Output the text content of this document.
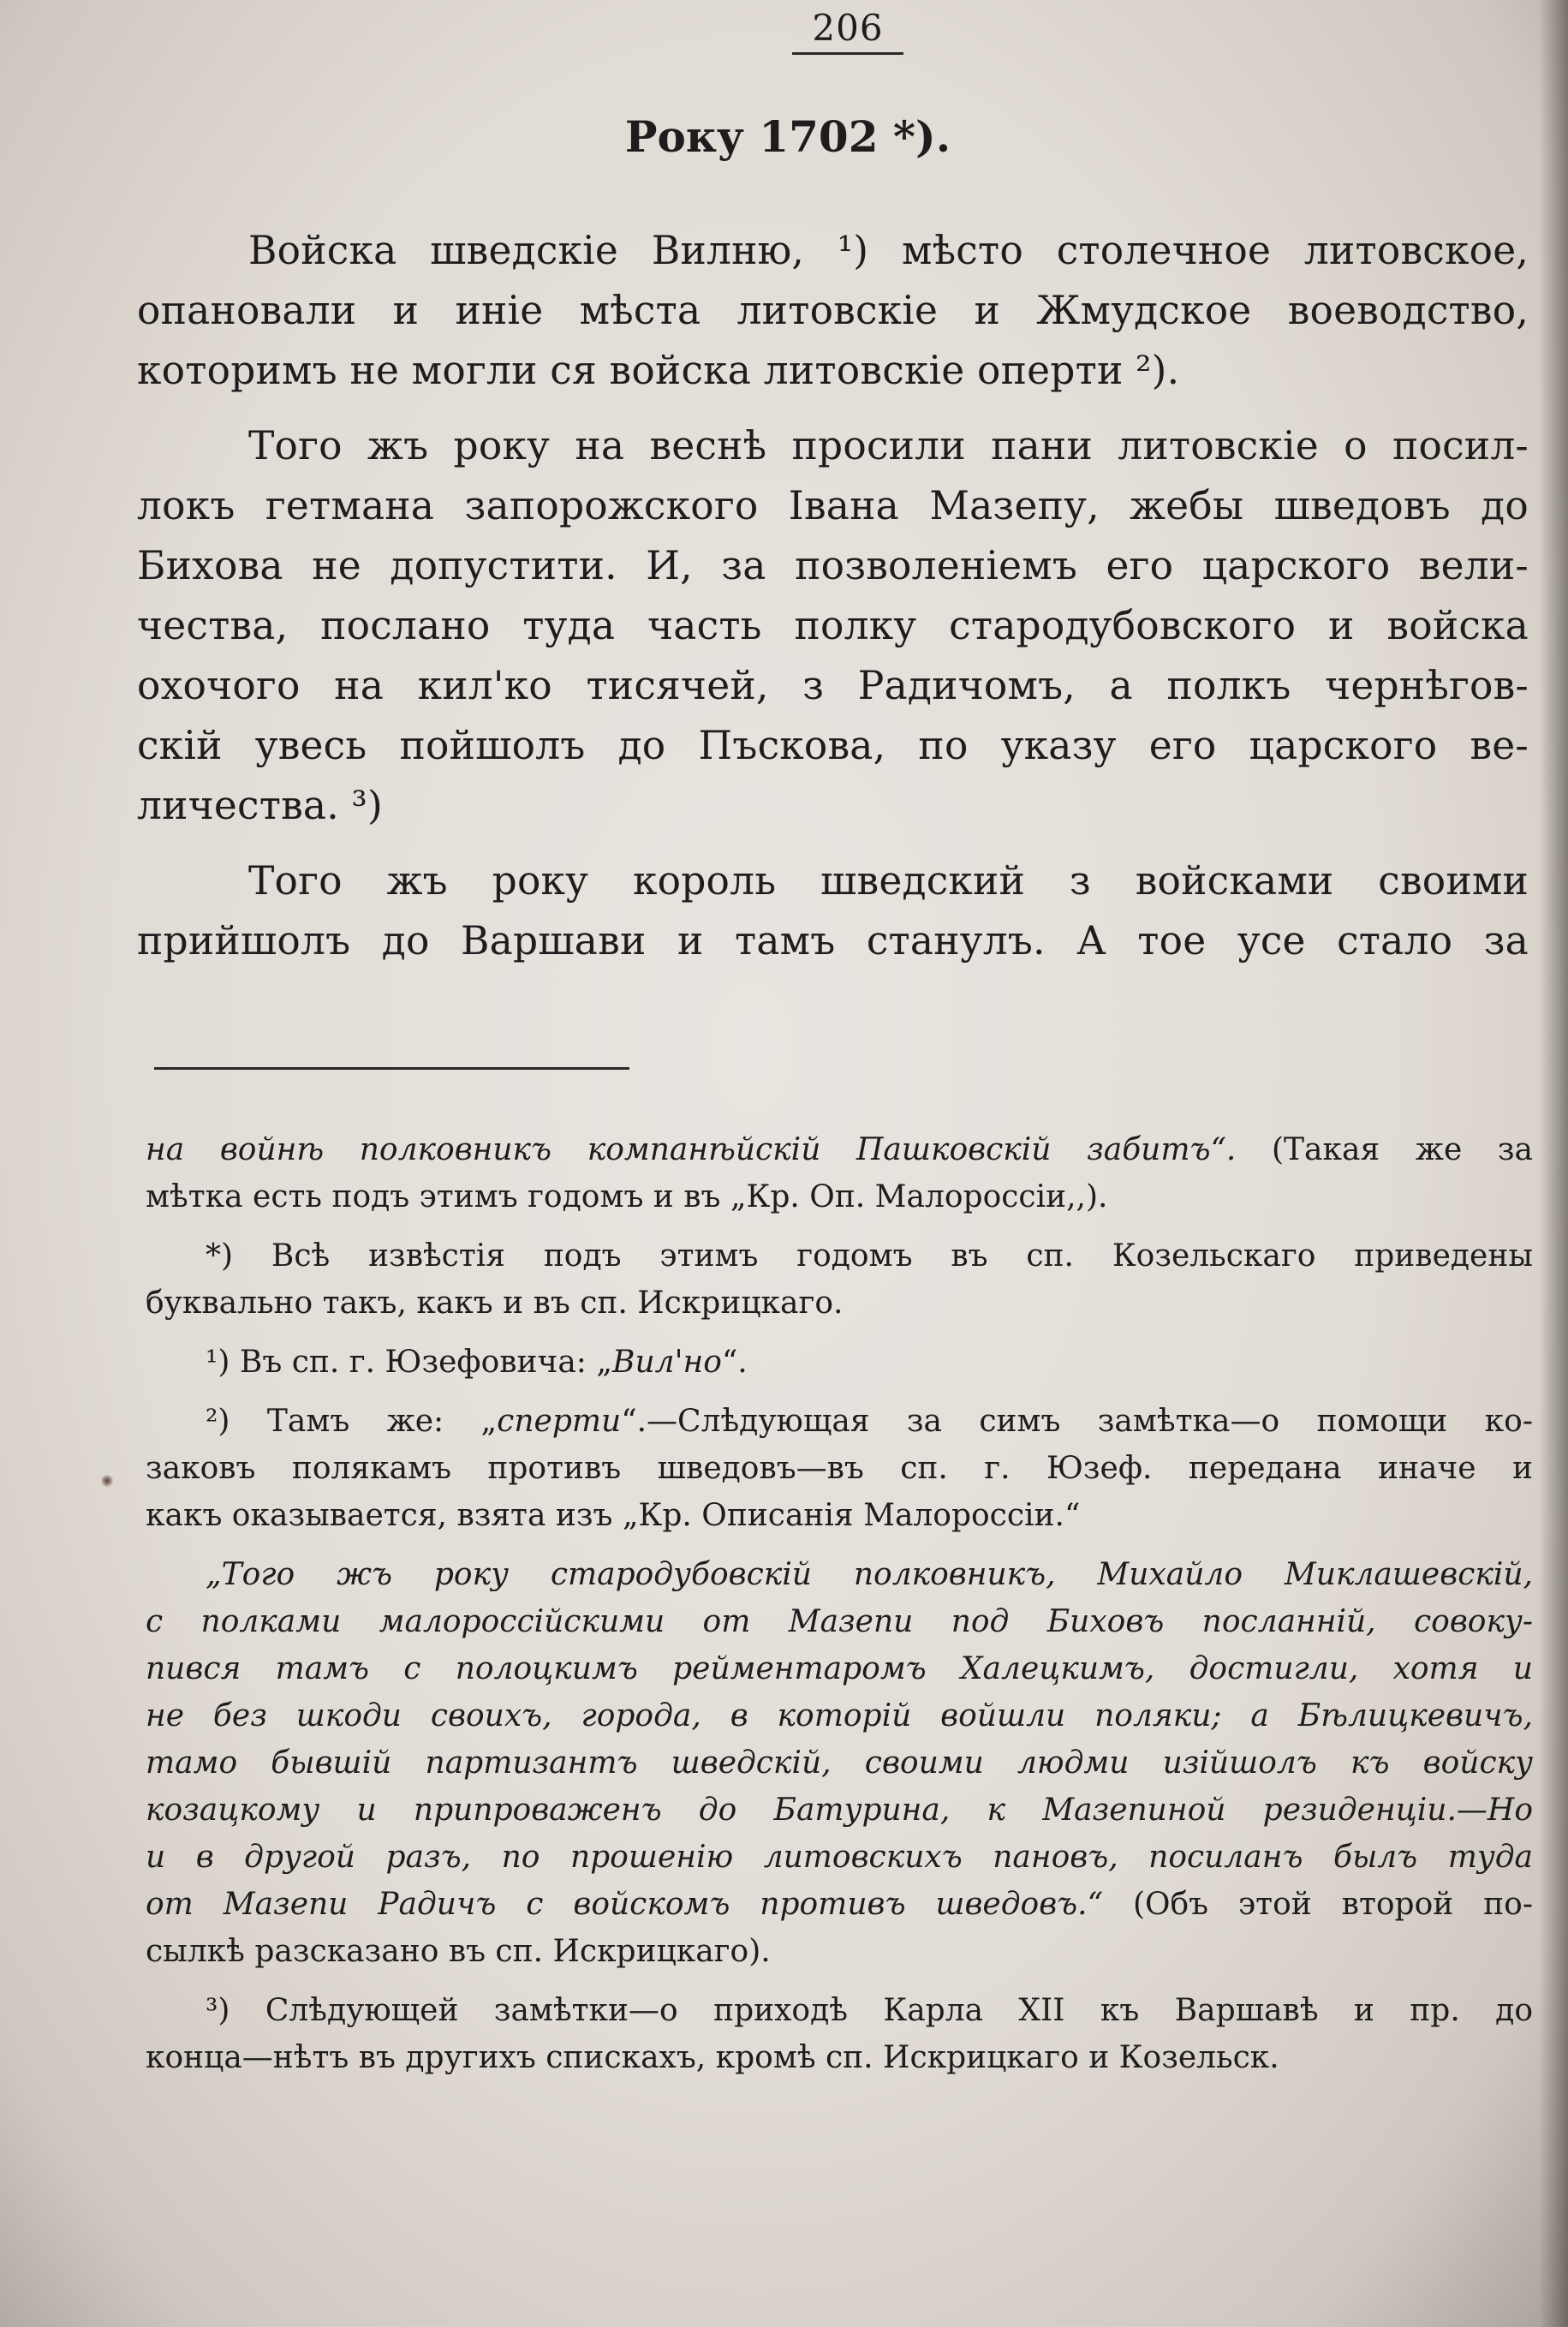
206
Року 1702 *).
Войска шведскіе Вилню, ¹) мѣсто столечное литовское,
опановали и иніе мѣста литовскіе и Жмудское воеводство,
которимъ не могли ся войска литовскіе оперти ²).
Того жъ року на веснѣ просили пани литовскіе о посил-
локъ гетмана запорожского Івана Мазепу, жебы шведовъ до
Бихова не допустити. И, за позволеніемъ его царского вели-
чества, послано туда часть полку стародубовского и войска
охочого на кил'ко тисячей, з Радичомъ, а полкъ чернѣгов-
скій увесь пойшолъ до Пъскова, по указу его царского ве-
личества. ³)
Того жъ року король шведский з войсками своими
прийшолъ до Варшави и тамъ станулъ. А тое усе стало за
на войнѣ полковникъ компанѣйскій Пашковскій забитъ“. (Такая же за
мѣтка есть подъ этимъ годомъ и въ „Кр. Оп. Малороссіи,,).
*) Всѣ извѣстія подъ этимъ годомъ въ сп. Козельскаго приведены
буквально такъ, какъ и въ сп. Искрицкаго.
¹) Въ сп. г. Юзефовича: „Вил'но“.
²) Тамъ же: „сперти“.—Слѣдующая за симъ замѣтка—о помощи ко-
заковъ полякамъ противъ шведовъ—въ сп. г. Юзеф. передана иначе и
какъ оказывается, взята изъ „Кр. Описанія Малороссіи.“
„Того жъ року стародубовскій полковникъ, Михайло Миклашевскій,
с полками малороссійскими от Мазепи под Биховъ посланній, совоку-
пився тамъ с полоцкимъ рейментаромъ Халецкимъ, достигли, хотя и
не без шкоди своихъ, города, в которій войшли поляки; а Бѣлицкевичъ,
тамо бывшій партизантъ шведскій, своими людми изійшолъ къ войску
козацкому и припроваженъ до Батурина, к Мазепиной резиденціи.—Но
и в другой разъ, по прошенію литовскихъ пановъ, посиланъ былъ туда
от Мазепи Радичъ с войскомъ противъ шведовъ.“ (Объ этой второй по-
сылкѣ разсказано въ сп. Искрицкаго).
³) Слѣдующей замѣтки—о приходѣ Карла XII къ Варшавѣ и пр. до
конца—нѣтъ въ другихъ спискахъ, кромѣ сп. Искрицкаго и Козельск.
